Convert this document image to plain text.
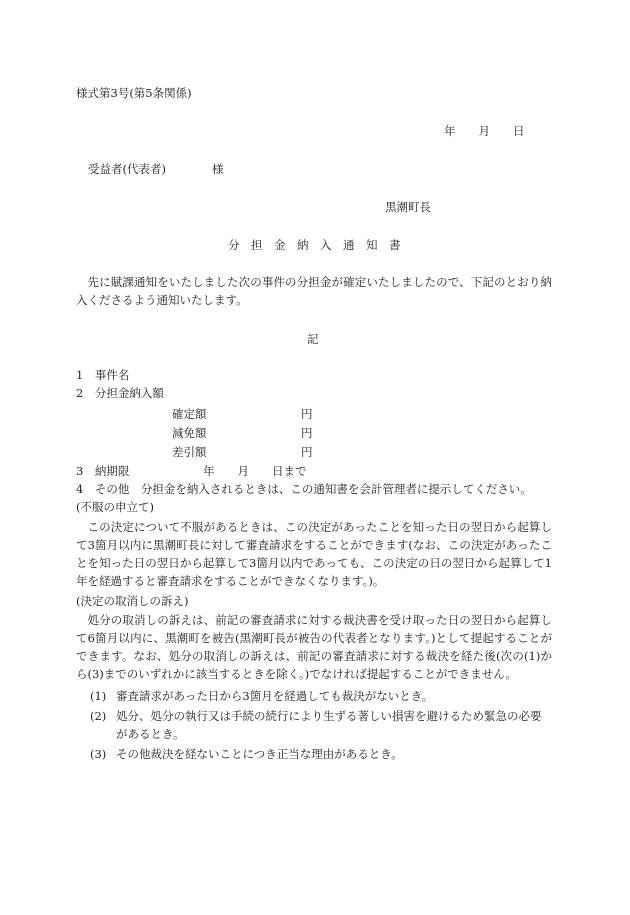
様式第3号(第5条関係)
年　　月　　日
受益者(代表者)　　　　様
黒潮町長
分　担　金　納　入　通　知　書
先に賦課通知をいたしました次の事件の分担金が確定いたしましたので、下記のとおり納入くださるよう通知いたします。
記
1　事件名
2　分担金納入額
確定額	円
減免額	円
差引額	円
3　納期限	年　　月　　日まで
4　その他　分担金を納入されるときは、この通知書を会計管理者に提示してください。
(不服の申立て)
この決定について不服があるときは、この決定があったことを知った日の翌日から起算して3箇月以内に黒潮町長に対して審査請求をすることができます(なお、この決定があったことを知った日の翌日から起算して3箇月以内であっても、この決定の日の翌日から起算して1年を経過すると審査請求をすることができなくなります。)。
(決定の取消しの訴え)
処分の取消しの訴えは、前記の審査請求に対する裁決書を受け取った日の翌日から起算して6箇月以内に、黒潮町を被告(黒潮町長が被告の代表者となります。)として提起することができます。なお、処分の取消しの訴えは、前記の審査請求に対する裁決を経た後(次の(1)から(3)までのいずれかに該当するときを除く。)でなければ提起することができません。
(1) 審査請求があった日から3箇月を経過しても裁決がないとき。
(2) 処分、処分の執行又は手続の続行により生ずる著しい損害を避けるため緊急の必要があるとき。
(3) その他裁決を経ないことにつき正当な理由があるとき。
